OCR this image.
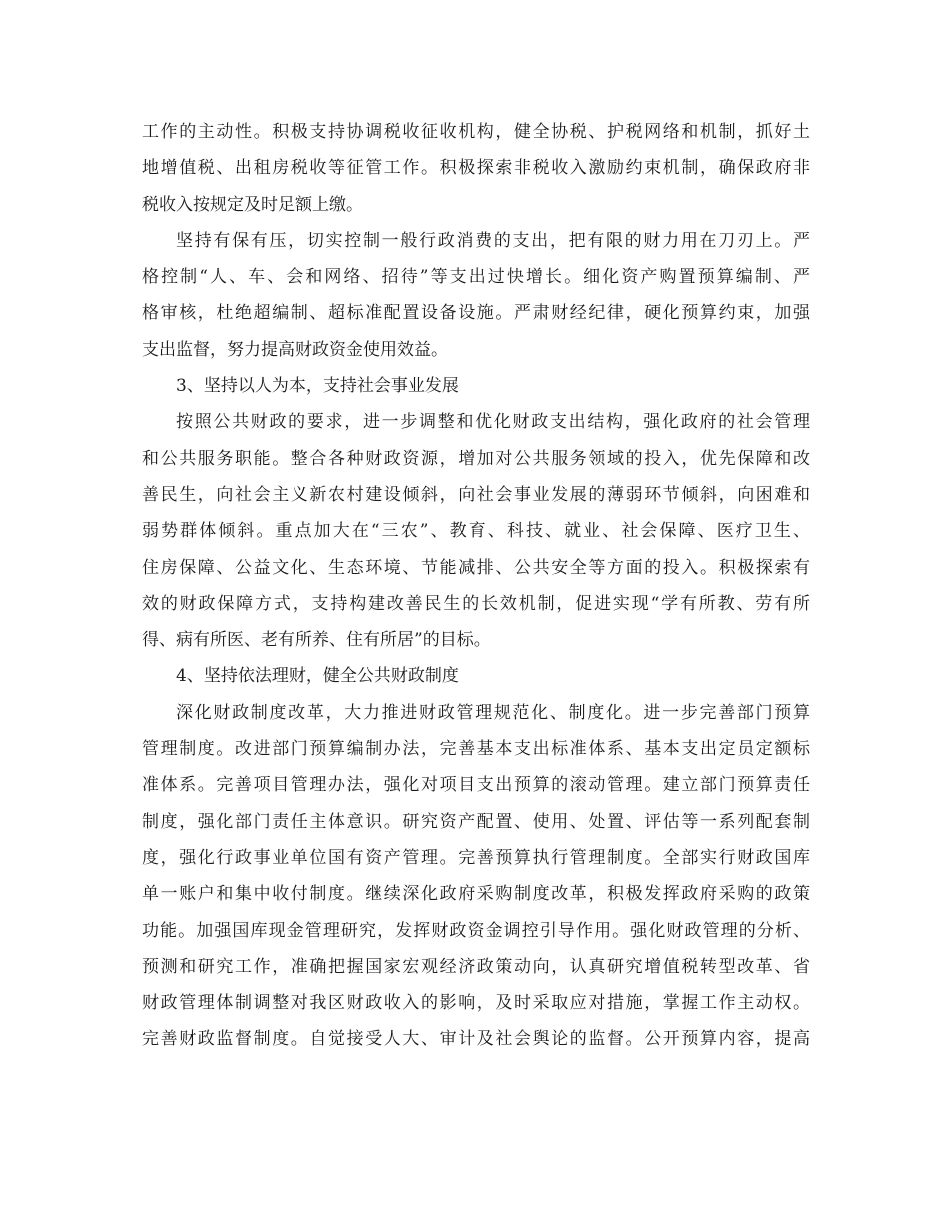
工作的主动性。积极支持协调税收征收机构，健全协税、护税网络和机制，抓好土
地增值税、出租房税收等征管工作。积极探索非税收入激励约束机制，确保政府非
税收入按规定及时足额上缴。
坚持有保有压，切实控制一般行政消费的支出，把有限的财力用在刀刃上。严
格控制“人、车、会和网络、招待”等支出过快增长。细化资产购置预算编制、严
格审核，杜绝超编制、超标准配置设备设施。严肃财经纪律，硬化预算约束，加强
支出监督，努力提高财政资金使用效益。
3、坚持以人为本，支持社会事业发展
按照公共财政的要求，进一步调整和优化财政支出结构，强化政府的社会管理
和公共服务职能。整合各种财政资源，增加对公共服务领域的投入，优先保障和改
善民生，向社会主义新农村建设倾斜，向社会事业发展的薄弱环节倾斜，向困难和
弱势群体倾斜。重点加大在“三农”、教育、科技、就业、社会保障、医疗卫生、
住房保障、公益文化、生态环境、节能减排、公共安全等方面的投入。积极探索有
效的财政保障方式，支持构建改善民生的长效机制，促进实现“学有所教、劳有所
得、病有所医、老有所养、住有所居”的目标。
4、坚持依法理财，健全公共财政制度
深化财政制度改革，大力推进财政管理规范化、制度化。进一步完善部门预算
管理制度。改进部门预算编制办法，完善基本支出标准体系、基本支出定员定额标
准体系。完善项目管理办法，强化对项目支出预算的滚动管理。建立部门预算责任
制度，强化部门责任主体意识。研究资产配置、使用、处置、评估等一系列配套制
度，强化行政事业单位国有资产管理。完善预算执行管理制度。全部实行财政国库
单一账户和集中收付制度。继续深化政府采购制度改革，积极发挥政府采购的政策
功能。加强国库现金管理研究，发挥财政资金调控引导作用。强化财政管理的分析、
预测和研究工作，准确把握国家宏观经济政策动向，认真研究增值税转型改革、省
财政管理体制调整对我区财政收入的影响，及时采取应对措施，掌握工作主动权。
完善财政监督制度。自觉接受人大、审计及社会舆论的监督。公开预算内容，提高
